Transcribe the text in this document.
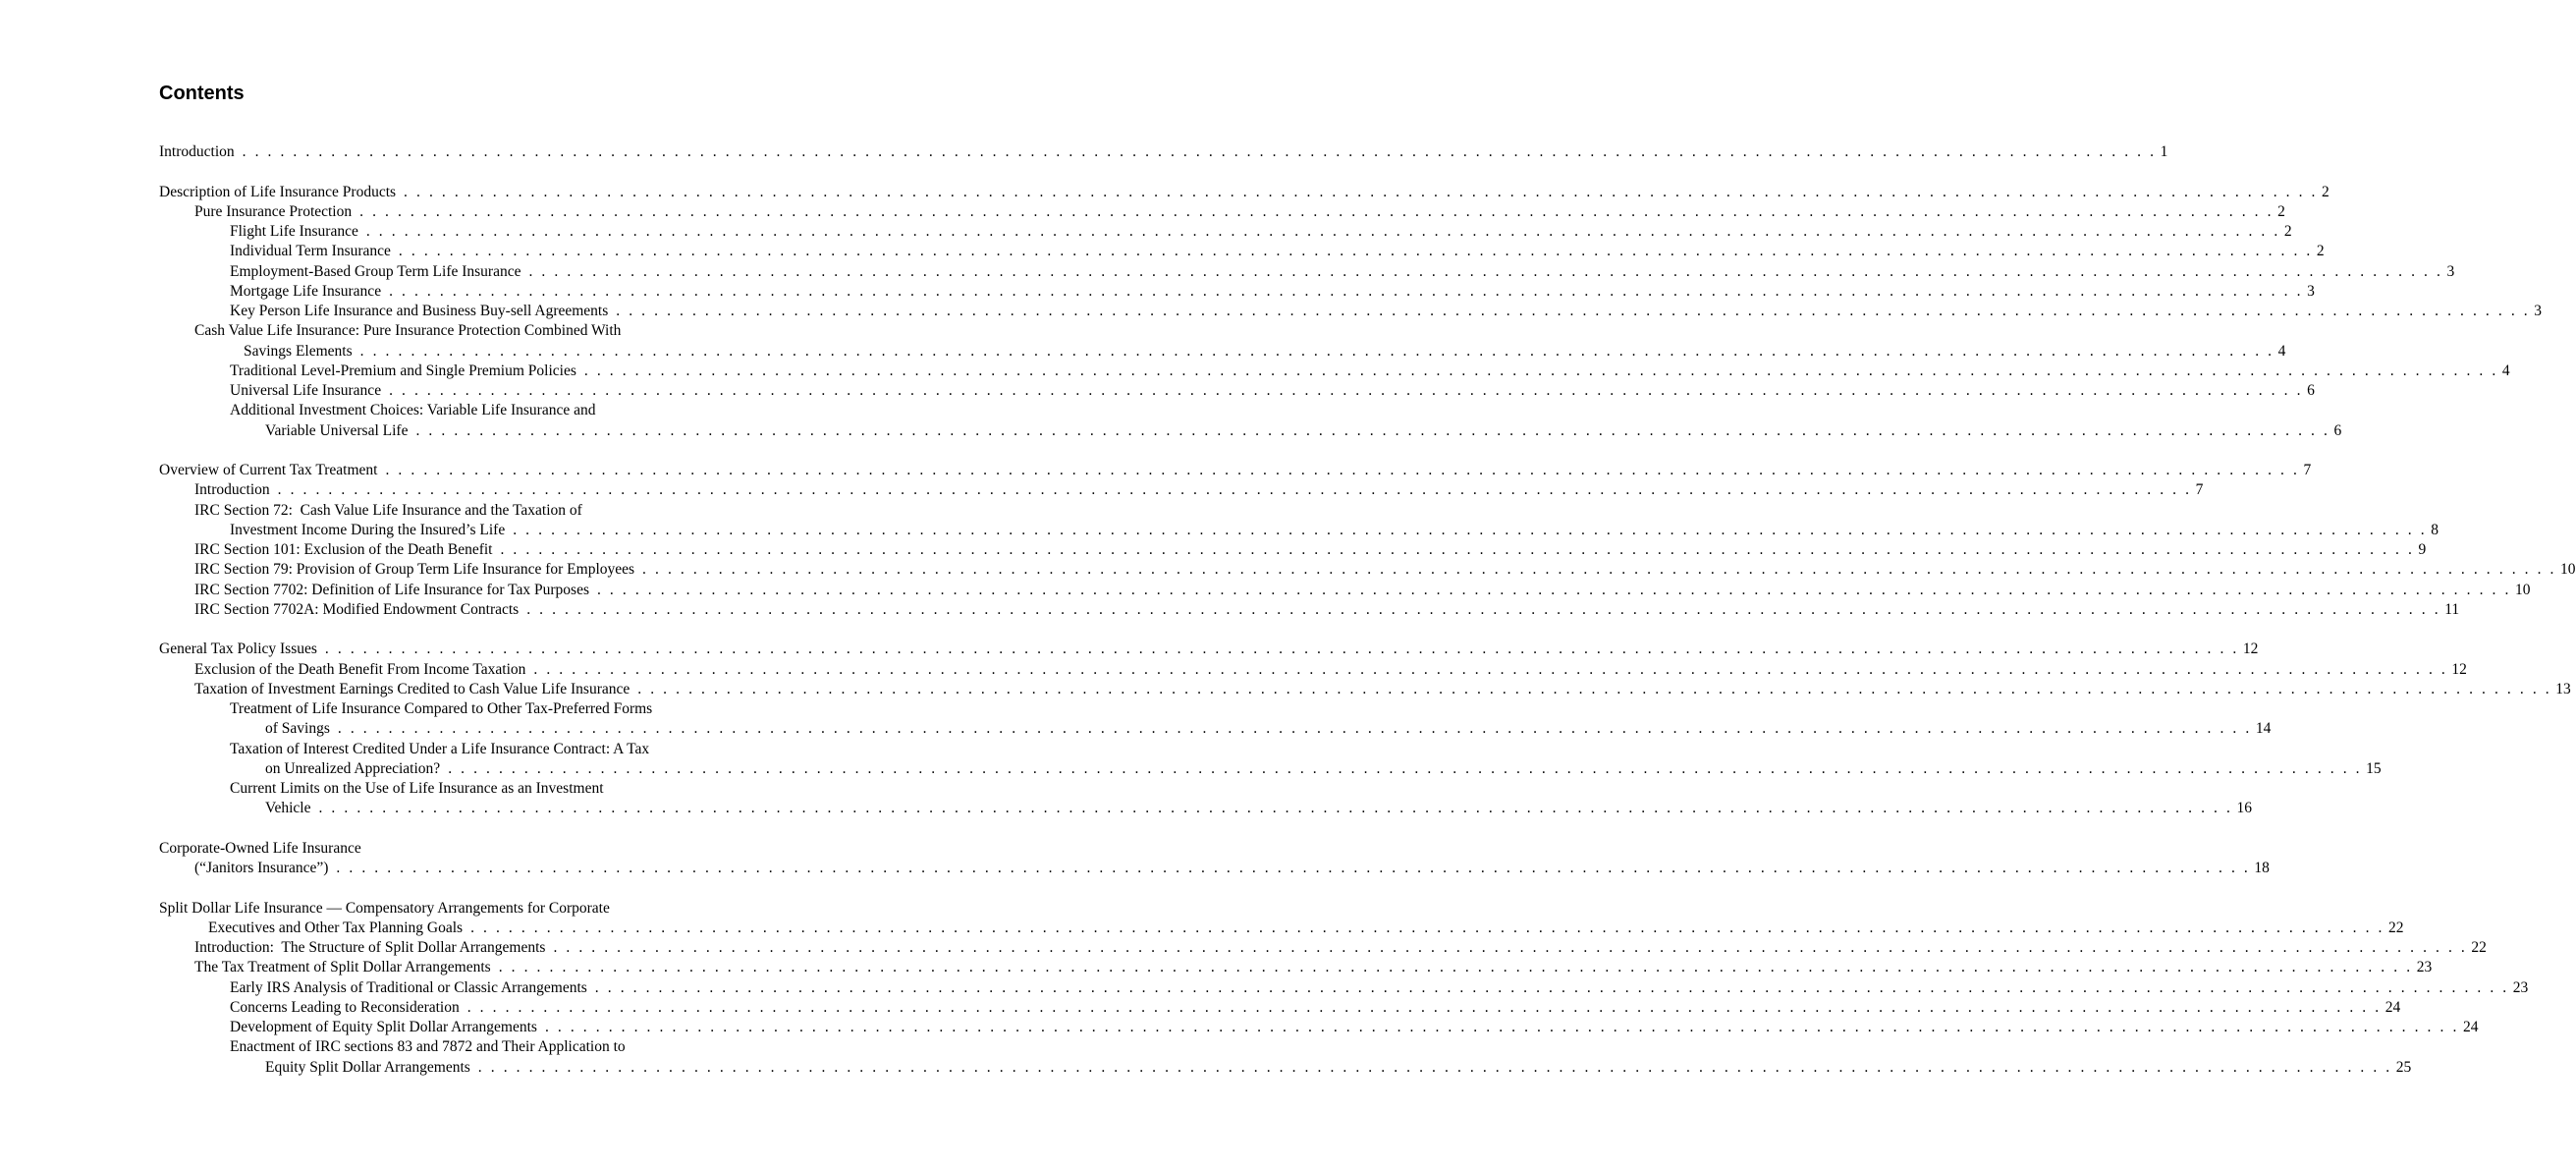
Contents
Introduction . . .	1
Description of Life Insurance Products . . .	2
Pure Insurance Protection . . .	2
Flight Life Insurance . . .	2
Individual Term Insurance . . .	2
Employment-Based Group Term Life Insurance . . .	3
Mortgage Life Insurance . . .	3
Key Person Life Insurance and Business Buy-sell Agreements . . .	3
Cash Value Life Insurance: Pure Insurance Protection Combined With
Savings Elements . . .	4
Traditional Level-Premium and Single Premium Policies . . .	4
Universal Life Insurance . . .	6
Additional Investment Choices: Variable Life Insurance and
Variable Universal Life . . .	6
Overview of Current Tax Treatment . . .	7
Introduction . . .	7
IRC Section 72:  Cash Value Life Insurance and the Taxation of
Investment Income During the Insured’s Life . . .	8
IRC Section 101: Exclusion of the Death Benefit . . .	9
IRC Section 79: Provision of Group Term Life Insurance for Employees . . .	10
IRC Section 7702: Definition of Life Insurance for Tax Purposes . . .	10
IRC Section 7702A: Modified Endowment Contracts . . .	11
General Tax Policy Issues . . .	12
Exclusion of the Death Benefit From Income Taxation . . .	12
Taxation of Investment Earnings Credited to Cash Value Life Insurance . . .	13
Treatment of Life Insurance Compared to Other Tax-Preferred Forms
of Savings . . .	14
Taxation of Interest Credited Under a Life Insurance Contract: A Tax
on Unrealized Appreciation? . . .	15
Current Limits on the Use of Life Insurance as an Investment
Vehicle . . .	16
Corporate-Owned Life Insurance
(“Janitors Insurance”) . . .	18
Split Dollar Life Insurance — Compensatory Arrangements for Corporate
Executives and Other Tax Planning Goals . . .	22
Introduction:  The Structure of Split Dollar Arrangements . . .	22
The Tax Treatment of Split Dollar Arrangements . . .	23
Early IRS Analysis of Traditional or Classic Arrangements . . .	23
Concerns Leading to Reconsideration . . .	24
Development of Equity Split Dollar Arrangements . . .	24
Enactment of IRC sections 83 and 7872 and Their Application to
Equity Split Dollar Arrangements . . .	25
